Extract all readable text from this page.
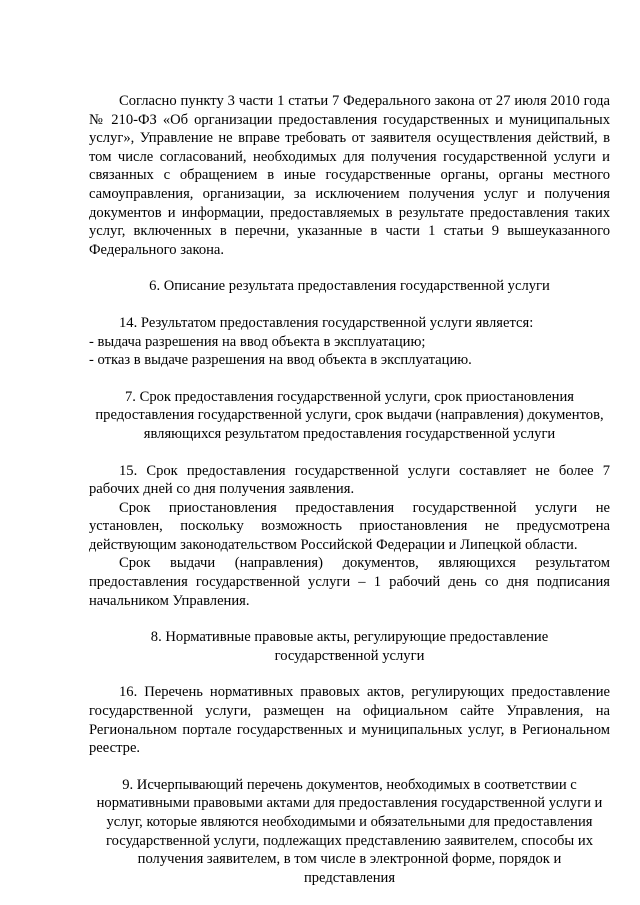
Согласно пункту 3 части 1 статьи 7 Федерального закона от 27 июля 2010 года № 210-ФЗ «Об организации предоставления государственных и муниципальных услуг», Управление не вправе требовать от заявителя осуществления действий, в том числе согласований, необходимых для получения государственной услуги и связанных с обращением в иные государственные органы, органы местного самоуправления, организации, за исключением получения услуг и получения документов и информации, предоставляемых в результате предоставления таких услуг, включенных в перечни, указанные в части 1 статьи 9 вышеуказанного Федерального закона.

6. Описание результата предоставления государственной услуги

14. Результатом предоставления государственной услуги является:

- выдача разрешения на ввод объекта в эксплуатацию;

- отказ в выдаче разрешения на ввод объекта в эксплуатацию.

7. Срок предоставления государственной услуги, срок приостановления

предоставления государственной услуги, срок выдачи (направления) документов,

являющихся результатом предоставления государственной услуги

15. Срок предоставления государственной услуги составляет не более 7 рабочих дней со дня получения заявления.

Срок приостановления предоставления государственной услуги не установлен, поскольку возможность приостановления не предусмотрена действующим законодательством Российской Федерации и Липецкой области.

Срок выдачи (направления) документов, являющихся результатом предоставления государственной услуги – 1 рабочий день со дня подписания начальником Управления.

8. Нормативные правовые акты, регулирующие предоставление

государственной услуги

16. Перечень нормативных правовых актов, регулирующих предоставление государственной услуги, размещен на официальном сайте Управления, на Региональном портале государственных и муниципальных услуг, в Региональном реестре.

9. Исчерпывающий перечень документов, необходимых в соответствии с

нормативными правовыми актами для предоставления государственной услуги и

услуг, которые являются необходимыми и обязательными для предоставления

государственной услуги, подлежащих представлению заявителем, способы их

получения заявителем, в том числе в электронной форме, порядок и

представления
